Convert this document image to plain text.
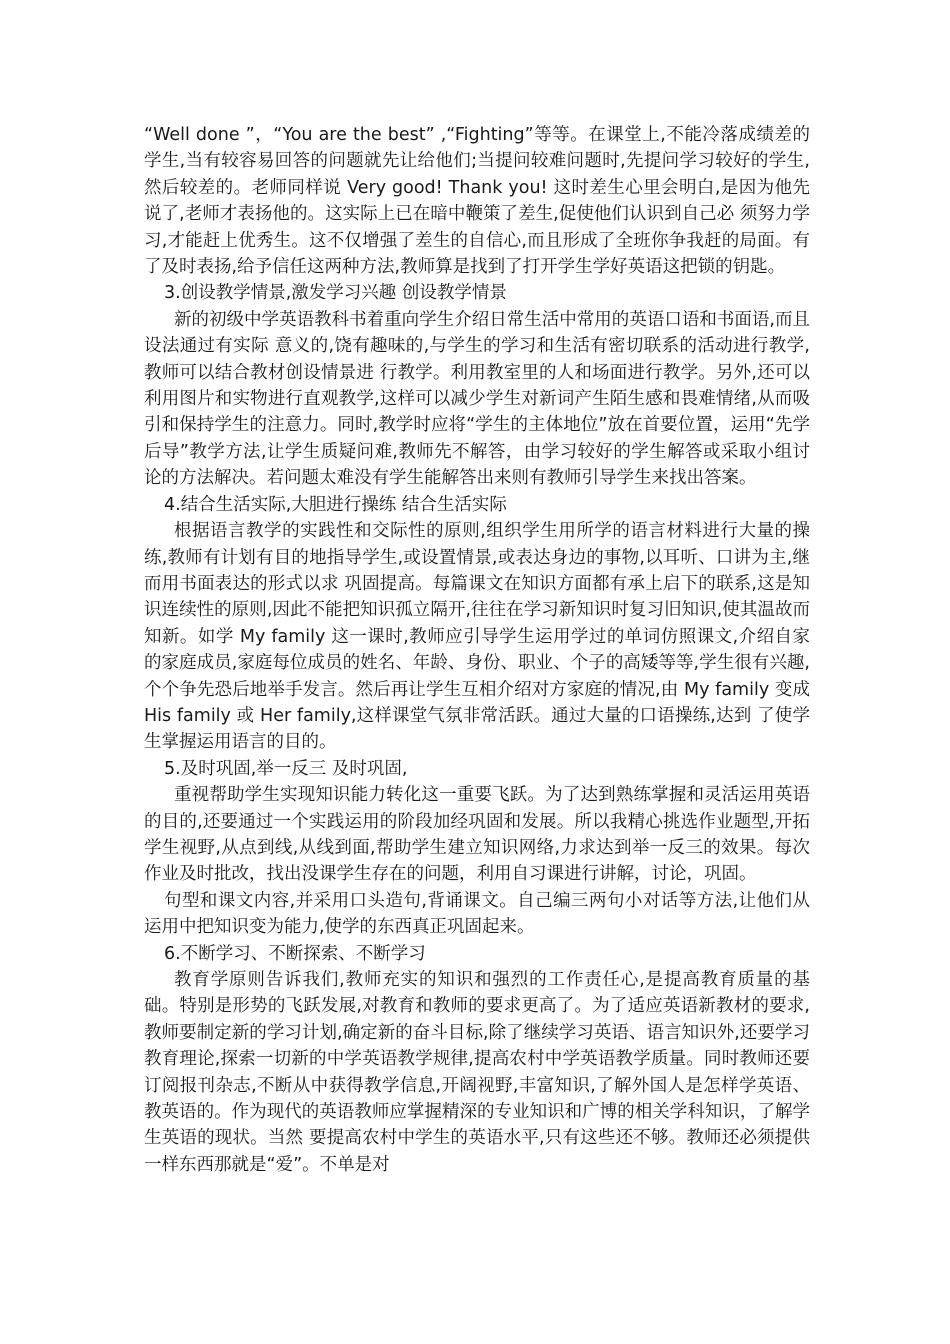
“Well done ”，“You are the best” ,“Fighting”等等。在课堂上,不能冷落成绩差的学生,当有较容易回答的问题就先让给他们;当提问较难问题时,先提问学习较好的学生,然后较差的。老师同样说 Very good! Thank you! 这时差生心里会明白,是因为他先说了,老师才表扬他的。这实际上已在暗中鞭策了差生,促使他们认识到自己必 须努力学习,才能赶上优秀生。这不仅增强了差生的自信心,而且形成了全班你争我赶的局面。有了及时表扬,给予信任这两种方法,教师算是找到了打开学生学好英语这把锁的钥匙。

3.创设教学情景,激发学习兴趣 创设教学情景

新的初级中学英语教科书着重向学生介绍日常生活中常用的英语口语和书面语,而且设法通过有实际 意义的,饶有趣味的,与学生的学习和生活有密切联系的活动进行教学,教师可以结合教材创设情景进 行教学。利用教室里的人和场面进行教学。另外,还可以利用图片和实物进行直观教学,这样可以减少学生对新词产生陌生感和畏难情绪,从而吸引和保持学生的注意力。同时,教学时应将“学生的主体地位”放在首要位置，运用“先学后导”教学方法,让学生质疑问难,教师先不解答，由学习较好的学生解答或采取小组讨论的方法解决。若问题太难没有学生能解答出来则有教师引导学生来找出答案。

4.结合生活实际,大胆进行操练 结合生活实际

根据语言教学的实践性和交际性的原则,组织学生用所学的语言材料进行大量的操练,教师有计划有目的地指导学生,或设置情景,或表达身边的事物,以耳听、口讲为主,继而用书面表达的形式以求 巩固提高。每篇课文在知识方面都有承上启下的联系,这是知识连续性的原则,因此不能把知识孤立隔开,往往在学习新知识时复习旧知识,使其温故而知新。如学 My family 这一课时,教师应引导学生运用学过的单词仿照课文,介绍自家的家庭成员,家庭每位成员的姓名、年龄、身份、职业、个子的高矮等等,学生很有兴趣,个个争先恐后地举手发言。然后再让学生互相介绍对方家庭的情况,由 My family 变成 His family 或 Her family,这样课堂气氛非常活跃。通过大量的口语操练,达到 了使学生掌握运用语言的目的。

5.及时巩固,举一反三 及时巩固,

重视帮助学生实现知识能力转化这一重要飞跃。为了达到熟练掌握和灵活运用英语的目的,还要通过一个实践运用的阶段加经巩固和发展。所以我精心挑选作业题型,开拓学生视野,从点到线,从线到面,帮助学生建立知识网络,力求达到举一反三的效果。每次作业及时批改，找出没课学生存在的问题，利用自习课进行讲解，讨论，巩固。

句型和课文内容,并采用口头造句,背诵课文。自己编三两句小对话等方法,让他们从运用中把知识变为能力,使学的东西真正巩固起来。

6.不断学习、不断探索、不断学习

教育学原则告诉我们,教师充实的知识和强烈的工作责任心,是提高教育质量的基础。特别是形势的飞跃发展,对教育和教师的要求更高了。为了适应英语新教材的要求,教师要制定新的学习计划,确定新的奋斗目标,除了继续学习英语、语言知识外,还要学习教育理论,探索一切新的中学英语教学规律,提高农村中学英语教学质量。同时教师还要订阅报刊杂志,不断从中获得教学信息,开阔视野,丰富知识,了解外国人是怎样学英语、教英语的。作为现代的英语教师应掌握精深的专业知识和广博的相关学科知识，了解学生英语的现状。当然 要提高农村中学生的英语水平,只有这些还不够。教师还必须提供一样东西那就是“爱”。不单是对
